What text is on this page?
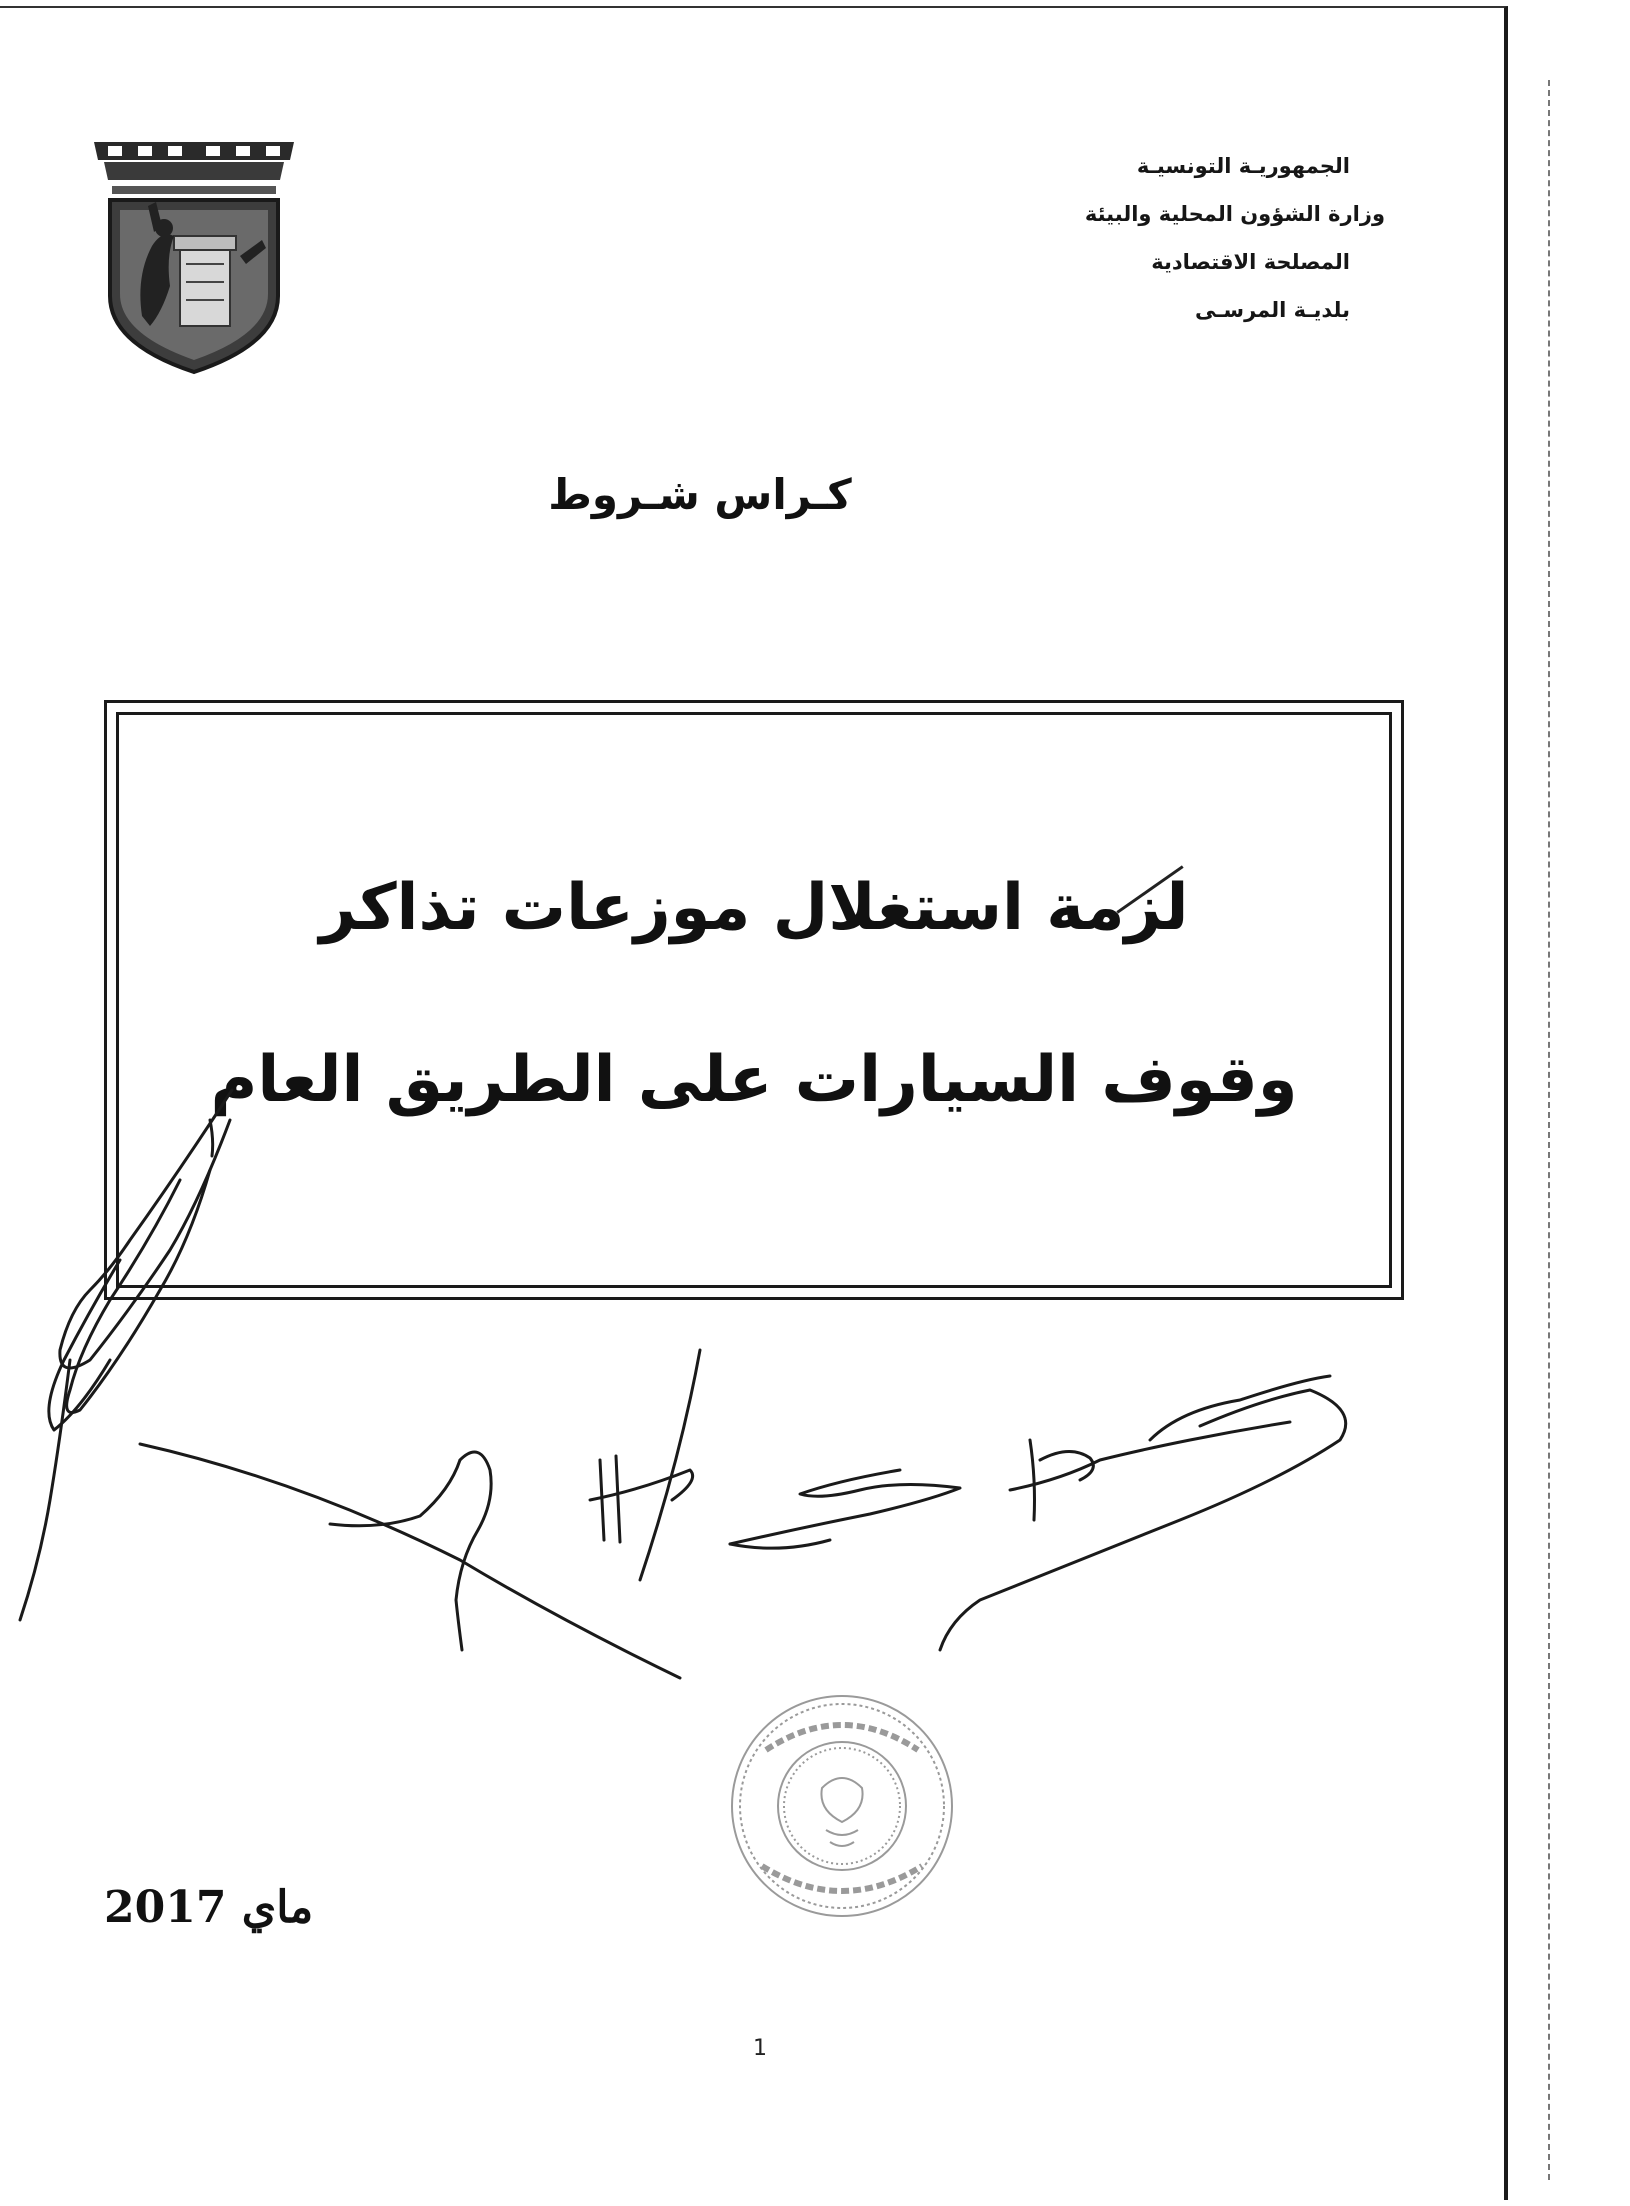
الجمهوريـة التونسيـة
وزارة الشؤون المحلية والبيئة
المصلحة الاقتصادية
بلديـة المرسـى
كـراس شـروط
لزمة استغلال موزعات تذاكر
وقوف السيارات على الطريق العام
ماي 2017
1
